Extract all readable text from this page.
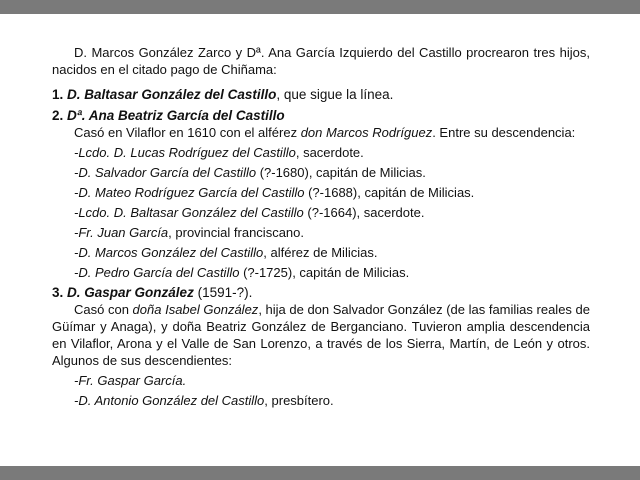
D. Marcos González Zarco y Dª. Ana García Izquierdo del Castillo procrearon tres hijos, nacidos en el citado pago de Chiñama:

1. D. Baltasar González del Castillo, que sigue la línea.

2. Dª. Ana Beatriz García del Castillo

Casó en Vilaflor en 1610 con el alférez don Marcos Rodríguez. Entre su descendencia:

-Lcdo. D. Lucas Rodríguez del Castillo, sacerdote.

-D. Salvador García del Castillo (?-1680), capitán de Milicias.

-D. Mateo Rodríguez García del Castillo (?-1688), capitán de Milicias.

-Lcdo. D. Baltasar González del Castillo (?-1664), sacerdote.

-Fr. Juan García, provincial franciscano.

-D. Marcos González del Castillo, alférez de Milicias.

-D. Pedro García del Castillo (?-1725), capitán de Milicias.

3. D. Gaspar González (1591-?).

Casó con doña Isabel González, hija de don Salvador González (de las familias reales de Güímar y Anaga), y doña Beatriz González de Berganciano. Tuvieron amplia descendencia en Vilaflor, Arona y el Valle de San Lorenzo, a través de los Sierra, Martín, de León y otros. Algunos de sus descendientes:

-Fr. Gaspar García.

-D. Antonio González del Castillo, presbítero.
